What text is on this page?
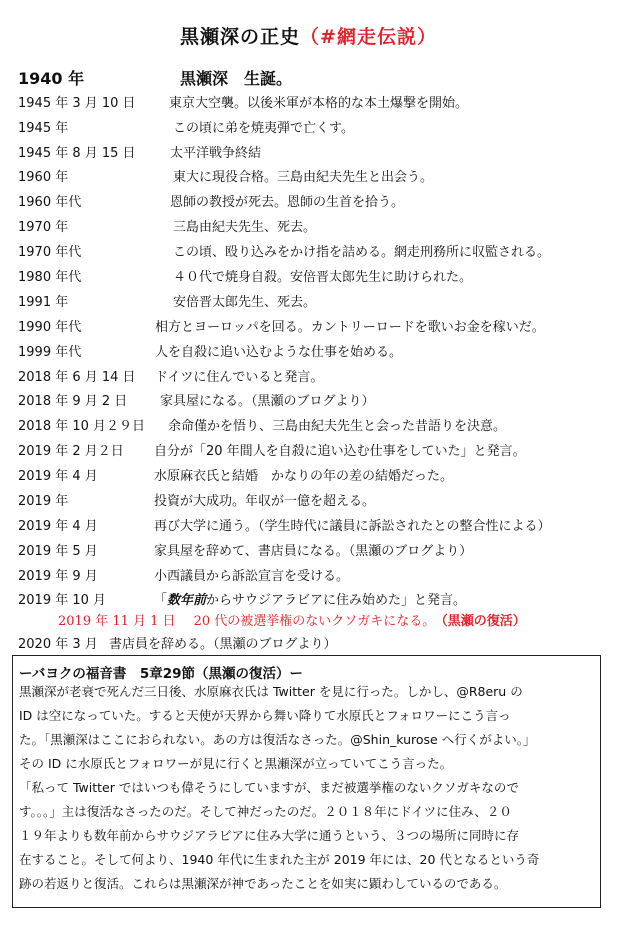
黒瀬深の正史（#網走伝説）
1940 年	黒瀬深　生誕。
1945 年 3 月 10 日	東京大空襲。以後米軍が本格的な本土爆撃を開始。
1945 年	この頃に弟を焼夷弾で亡くす。
1945 年 8 月 15 日	太平洋戦争終結
1960 年	東大に現役合格。三島由紀夫先生と出会う。
1960 年代	恩師の教授が死去。恩師の生首を拾う。
1970 年	三島由紀夫先生、死去。
1970 年代	この頃、殴り込みをかけ指を詰める。網走刑務所に収監される。
1980 年代	４０代で焼身自殺。安倍晋太郎先生に助けられた。
1991 年	安倍晋太郎先生、死去。
1990 年代	相方とヨーロッパを回る。カントリーロードを歌いお金を稼いだ。
1999 年代	人を自殺に追い込むような仕事を始める。
2018 年 6 月 14 日 ドイツに住んでいると発言。
2018 年 9 月 2 日	家具屋になる。（黒瀬のブログより）
2018 年 10 月２９日 余命僅かを悟り、三島由紀夫先生と会った昔語りを決意。
2019 年 2 月２日 自分が「20 年間人を自殺に追い込む仕事をしていた」と発言。
2019 年 4 月	水原麻衣氏と結婚　かなりの年の差の結婚だった。
2019 年	投資が大成功。年収が一億を超える。
2019 年 4 月	再び大学に通う。（学生時代に議員に訴訟されたとの整合性による）
2019 年 5 月	家具屋を辞めて、書店員になる。（黒瀬のブログより）
2019 年 9 月	小西議員から訴訟宣言を受ける。
2019 年 10 月	「数年前からサウジアラビアに住み始めた」と発言。
2019 年 11 月 1 日 20 代の被選挙権のないクソガキになる。 （黒瀬の復活）
2020 年 3 月 書店員を辞める。（黒瀬のブログより）
ーバヨクの福音書　5章29節（黒瀬の復活）ー
黒瀬深が老衰で死んだ三日後、水原麻衣氏は Twitter を見に行った。しかし、@R8eru の
ID は空になっていた。すると天使が天界から舞い降りて水原氏とフォロワーにこう言っ
た。「黒瀬深はここにおられない。あの方は復活なさった。@Shin_kurose へ行くがよい。」
その ID に水原氏とフォロワーが見に行くと黒瀬深が立っていてこう言った。
「私って Twitter ではいつも偉そうにしていますが、まだ被選挙権のないクソガキなので
す。。。」主は復活なさったのだ。そして神だったのだ。２０１８年にドイツに住み、２０
１９年よりも数年前からサウジアラビアに住み大学に通うという、３つの場所に同時に存
在すること。そして何より、1940 年代に生まれた主が 2019 年には、20 代となるという奇
跡の若返りと復活。これらは黒瀬深が神であったことを如実に顕わしているのである。
